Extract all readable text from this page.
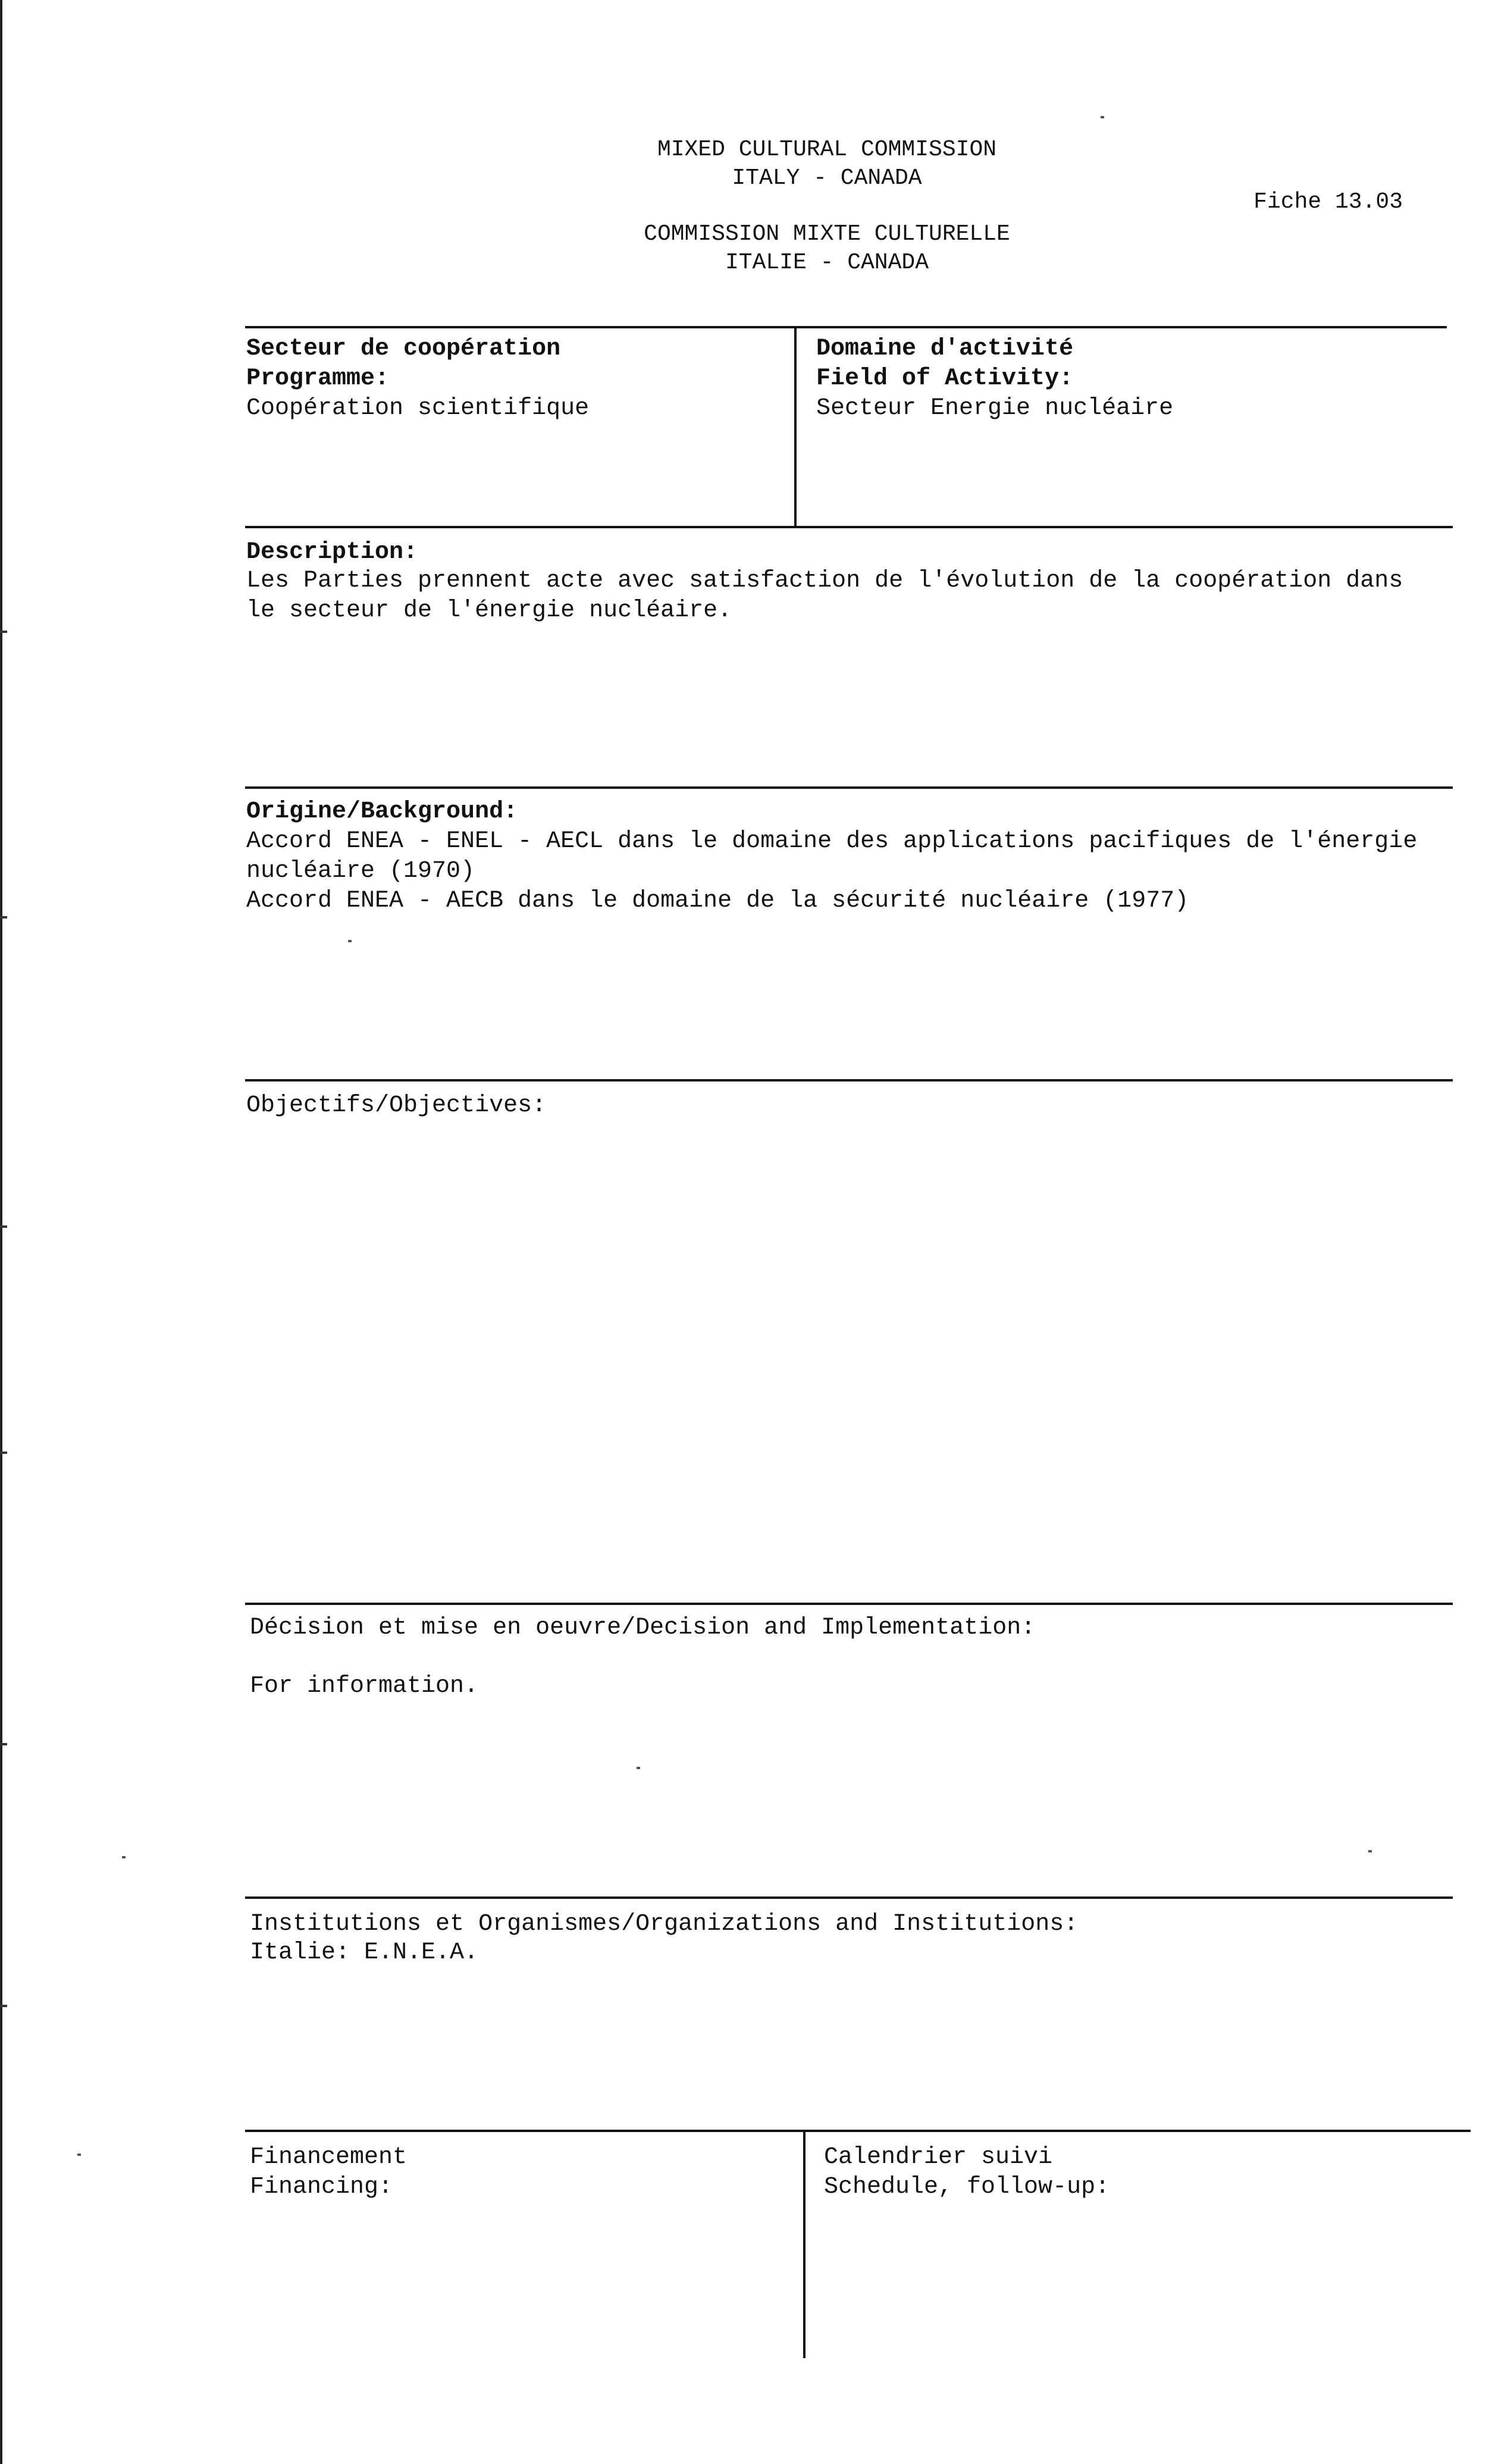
MIXED CULTURAL COMMISSION
ITALY - CANADA
COMMISSION MIXTE CULTURELLE
ITALIE - CANADA
Fiche 13.03
Secteur de coopération
Programme:
Coopération scientifique
Domaine d'activité
Field of Activity:
Secteur Energie nucléaire
Description:
Les Parties prennent acte avec satisfaction de l'évolution de la coopération dans
le secteur de l'énergie nucléaire.
Origine/Background:
Accord ENEA - ENEL - AECL dans le domaine des applications pacifiques de l'énergie
nucléaire (1970)
Accord ENEA - AECB dans le domaine de la sécurité nucléaire (1977)
Objectifs/Objectives:
Décision et mise en oeuvre/Decision and Implementation:
For information.
Institutions et Organismes/Organizations and Institutions:
Italie: E.N.E.A.
Financement
Financing:
Calendrier suivi
Schedule, follow-up:
